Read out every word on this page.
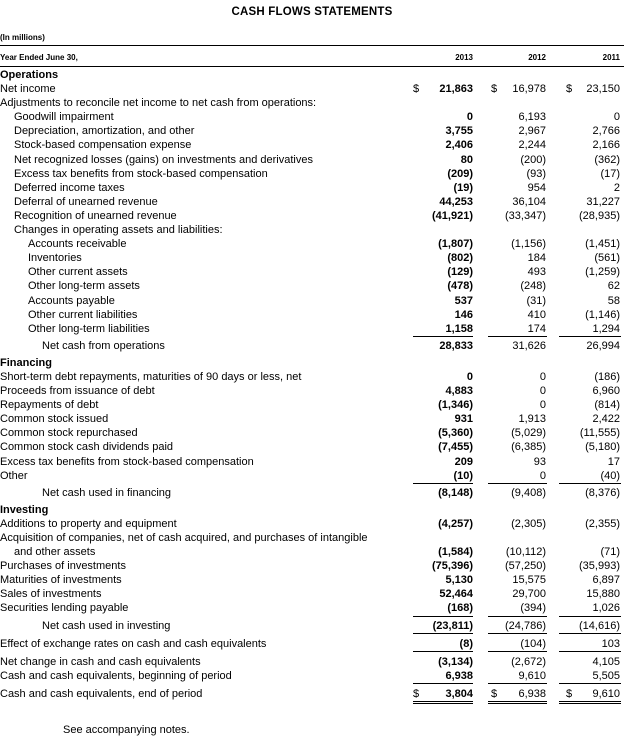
CASH FLOWS STATEMENTS
(In millions)
Year Ended June 30,	2013	2012	2011
Operations
Net income	$ 21,863 $ 16,978 $ 23,150
Adjustments to reconcile net income to net cash from operations:
Goodwill impairment	0	6,193	0
Depreciation, amortization, and other	3,755	2,967	2,766
Stock-based compensation expense	2,406	2,244	2,166
Net recognized losses (gains) on investments and derivatives	80	(200)	(362)
Excess tax benefits from stock-based compensation	(209)	(93)	(17)
Deferred income taxes	(19)	954	2
Deferral of unearned revenue	44,253	36,104	31,227
Recognition of unearned revenue	(41,921)	(33,347)	(28,935)
Changes in operating assets and liabilities:
Accounts receivable	(1,807)	(1,156)	(1,451)
Inventories	(802)	184	(561)
Other current assets	(129)	493	(1,259)
Other long-term assets	(478)	(248)	62
Accounts payable	537	(31)	58
Other current liabilities	146	410	(1,146)
Other long-term liabilities	1,158	174	1,294
Net cash from operations	28,833	31,626	26,994
Financing
Short-term debt repayments, maturities of 90 days or less, net	0	0	(186)
Proceeds from issuance of debt	4,883	0	6,960
Repayments of debt	(1,346)	0	(814)
Common stock issued	931	1,913	2,422
Common stock repurchased	(5,360)	(5,029)	(11,555)
Common stock cash dividends paid	(7,455)	(6,385)	(5,180)
Excess tax benefits from stock-based compensation	209	93	17
Other	(10)	0	(40)
Net cash used in financing	(8,148)	(9,408)	(8,376)
Investing
Additions to property and equipment	(4,257)	(2,305)	(2,355)
Acquisition of companies, net of cash acquired, and purchases of intangible
and other assets	(1,584)	(10,112)	(71)
Purchases of investments	(75,396)	(57,250)	(35,993)
Maturities of investments	5,130	15,575	6,897
Sales of investments	52,464	29,700	15,880
Securities lending payable	(168)	(394)	1,026
Net cash used in investing	(23,811)	(24,786)	(14,616)
Effect of exchange rates on cash and cash equivalents	(8)	(104)	103
Net change in cash and cash equivalents	(3,134)	(2,672)	4,105
Cash and cash equivalents, beginning of period	6,938	9,610	5,505
Cash and cash equivalents, end of period	$ 3,804 $ 6,938 $ 9,610
See accompanying notes.
